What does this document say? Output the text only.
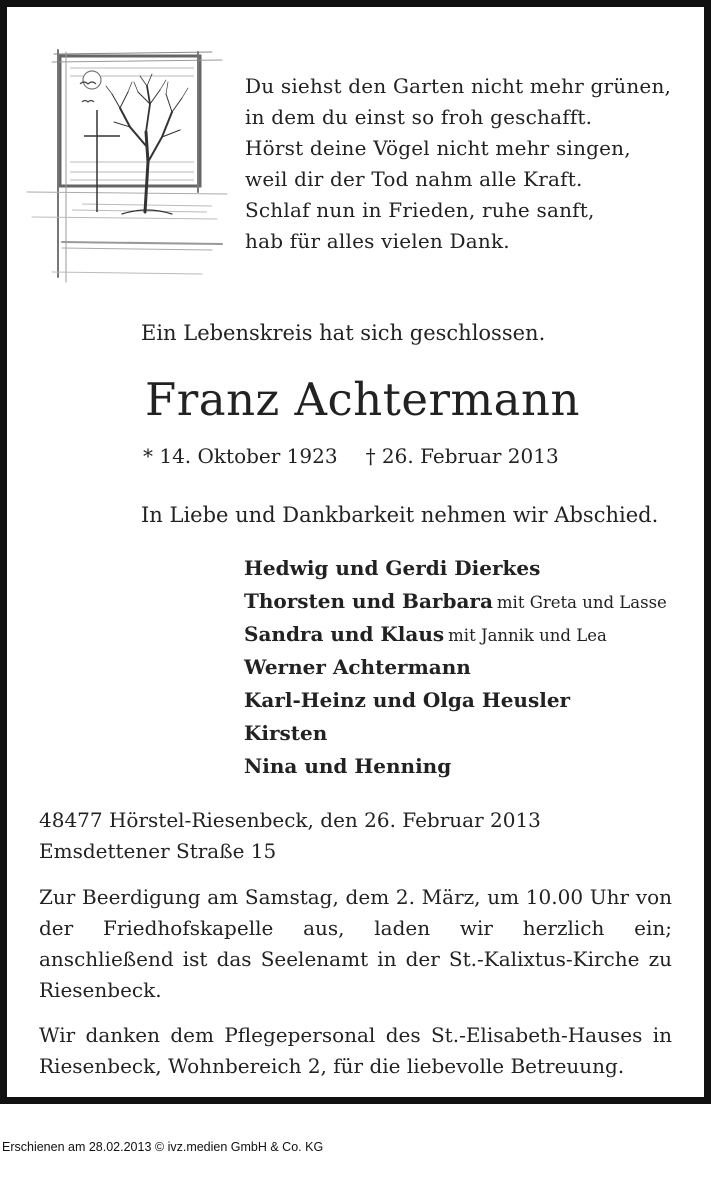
Du siehst den Garten nicht mehr grünen,
in dem du einst so froh geschafft.
Hörst deine Vögel nicht mehr singen,
weil dir der Tod nahm alle Kraft.
Schlaf nun in Frieden, ruhe sanft,
hab für alles vielen Dank.
Ein Lebenskreis hat sich geschlossen.
Franz Achtermann
* 14. Oktober 1923 † 26. Februar 2013
In Liebe und Dankbarkeit nehmen wir Abschied.
Hedwig und Gerdi Dierkes
Thorsten und Barbara mit Greta und Lasse
Sandra und Klaus mit Jannik und Lea
Werner Achtermann
Karl-Heinz und Olga Heusler
Kirsten
Nina und Henning
48477 Hörstel-Riesenbeck, den 26. Februar 2013
Emsdettener Straße 15
Zur Beerdigung am Samstag, dem 2. März, um 10.00 Uhr von der Friedhofskapelle aus, laden wir herzlich ein; anschließend ist das Seelenamt in der St.-Kalixtus-Kirche zu Riesenbeck.
Wir danken dem Pflegepersonal des St.-Elisabeth-Hauses in Riesenbeck, Wohnbereich 2, für die liebevolle Betreuung.
Erschienen am 28.02.2013 © ivz.medien GmbH & Co. KG
